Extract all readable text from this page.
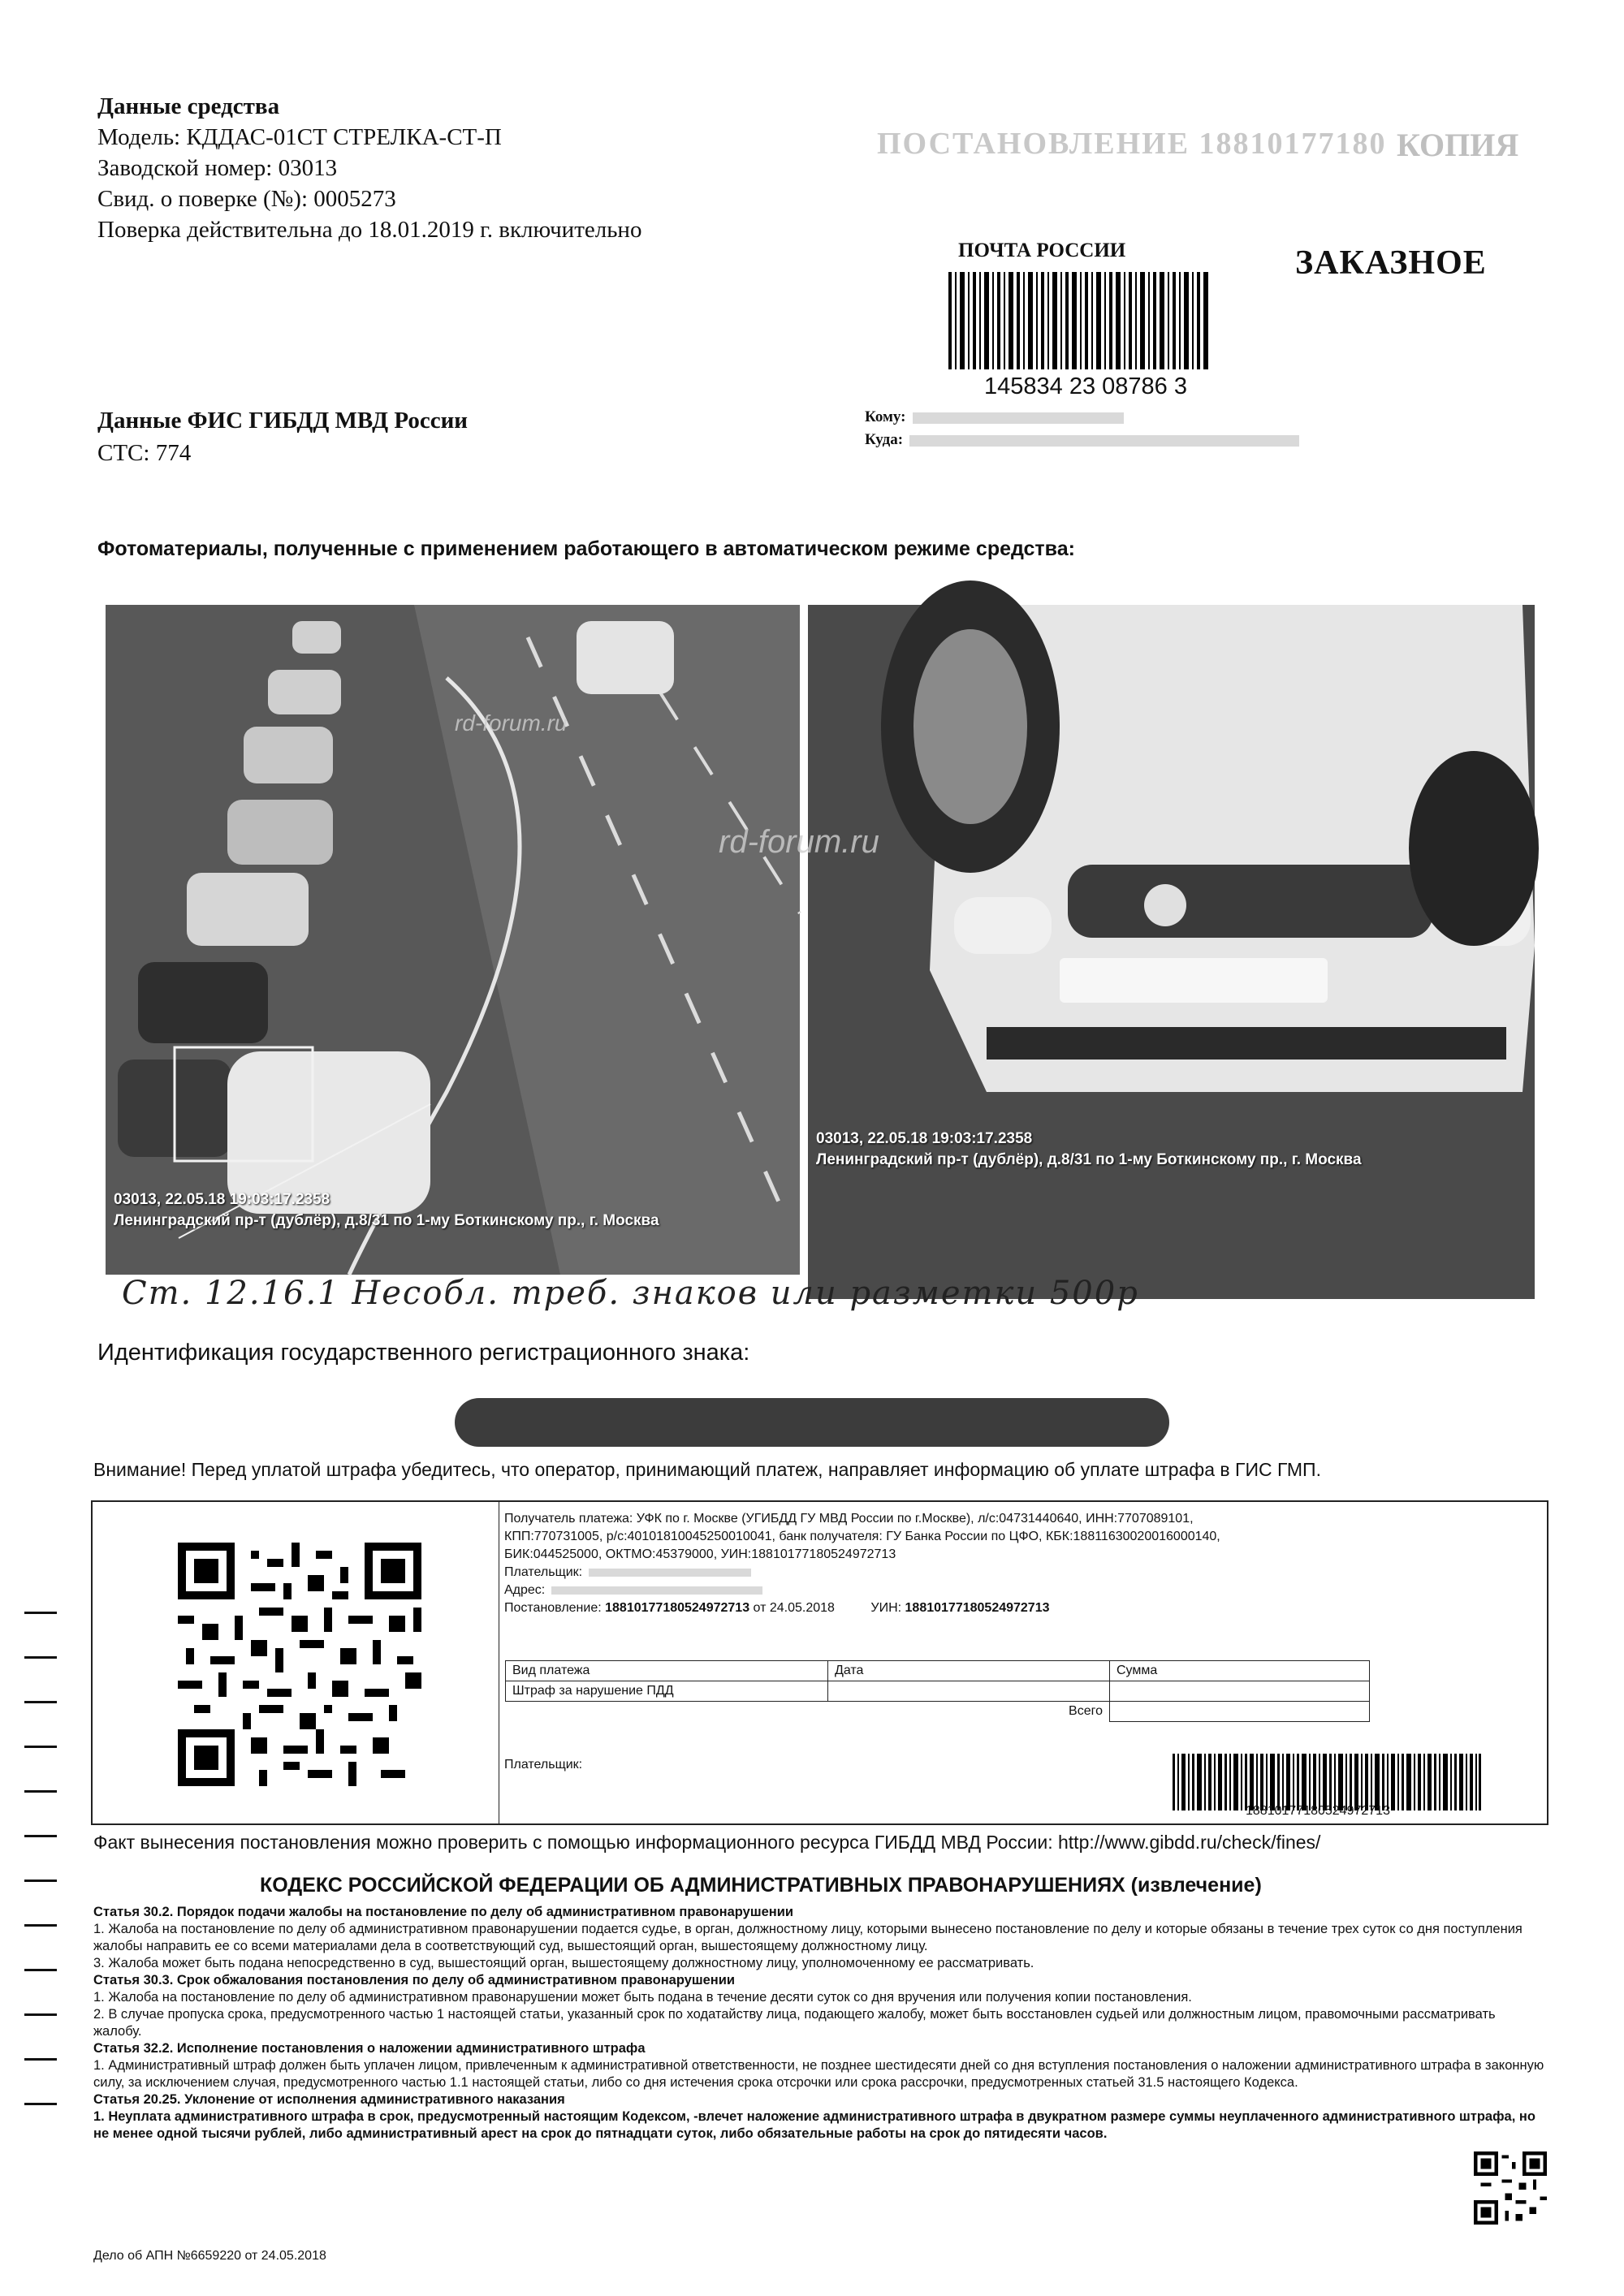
ПОСТАНОВЛЕНИЕ 18810177180 КОПИЯ
Данные средства
Модель: КДДАС-01СТ СТРЕЛКА-СТ-П
Заводской номер: 03013
Свид. о поверке (№): 0005273
Поверка действительна до 18.01.2019 г. включительно
ПОЧТА РОССИИ	ЗАКАЗНОЕ
145834 23 08786 3
Кому:
Куда:
Данные ФИС ГИБДД МВД России
СТС: 774
Фотоматериалы, полученные с применением работающего в автоматическом режиме средства:
rd-forum.ru
03013, 22.05.18 19:03:17.2358
Ленинградский пр-т (дублёр), д.8/31 по 1-му Боткинскому пр., г. Москва
rd-forum.ru
03013, 22.05.18 19:03:17.2358
Ленинградский пр-т (дублёр), д.8/31 по 1-му Боткинскому пр., г. Москва
Ст. 12.16.1 Несобл. треб. знаков или разметки 500р
Идентификация государственного регистрационного знака:
Внимание! Перед уплатой штрафа убедитесь, что оператор, принимающий платеж, направляет информацию об уплате штрафа в ГИС ГМП.
Получатель платежа: УФК по г. Москве (УГИБДД ГУ МВД России по г.Москве), л/с:04731440640, ИНН:7707089101,
КПП:770731005, р/с:40101810045250010041, банк получателя: ГУ Банка России по ЦФО, КБК:18811630020016000140,
БИК:044525000, ОКТМО:45379000, УИН:18810177180524972713
Плательщик:
Адрес:
Постановление: 18810177180524972713 от 24.05.2018	УИН: 18810177180524972713
Вид платежа	Дата	Сумма
Штраф за нарушение ПДД		
Всего		
Плательщик:
18810177180524972713
Факт вынесения постановления можно проверить с помощью информационного ресурса ГИБДД МВД России: http://www.gibdd.ru/check/fines/
КОДЕКС РОССИЙСКОЙ ФЕДЕРАЦИИ ОБ АДМИНИСТРАТИВНЫХ ПРАВОНАРУШЕНИЯХ (извлечение)

Статья 30.2. Порядок подачи жалобы на постановление по делу об административном правонарушении

1. Жалоба на постановление по делу об административном правонарушении подается судье, в орган, должностному лицу, которыми вынесено постановление по делу и которые обязаны в течение трех суток со дня поступления жалобы направить ее со всеми материалами дела в соответствующий суд, вышестоящий орган, вышестоящему должностному лицу.

3. Жалоба может быть подана непосредственно в суд, вышестоящий орган, вышестоящему должностному лицу, уполномоченному ее рассматривать.

Статья 30.3. Срок обжалования постановления по делу об административном правонарушении

1. Жалоба на постановление по делу об административном правонарушении может быть подана в течение десяти суток со дня вручения или получения копии постановления.

2. В случае пропуска срока, предусмотренного частью 1 настоящей статьи, указанный срок по ходатайству лица, подающего жалобу, может быть восстановлен судьей или должностным лицом, правомочными рассматривать жалобу.

Статья 32.2. Исполнение постановления о наложении административного штрафа

1. Административный штраф должен быть уплачен лицом, привлеченным к административной ответственности, не позднее шестидесяти дней со дня вступления постановления о наложении административного штрафа в законную силу, за исключением случая, предусмотренного частью 1.1 настоящей статьи, либо со дня истечения срока отсрочки или срока рассрочки, предусмотренных статьей 31.5 настоящего Кодекса.

Статья 20.25. Уклонение от исполнения административного наказания

1. Неуплата административного штрафа в срок, предусмотренный настоящим Кодексом, -влечет наложение административного штрафа в двукратном размере суммы неуплаченного административного штрафа, но не менее одной тысячи рублей, либо административный арест на срок до пятнадцати суток, либо обязательные работы на срок до пятидесяти часов.

Дело об АПН №6659220 от 24.05.2018
